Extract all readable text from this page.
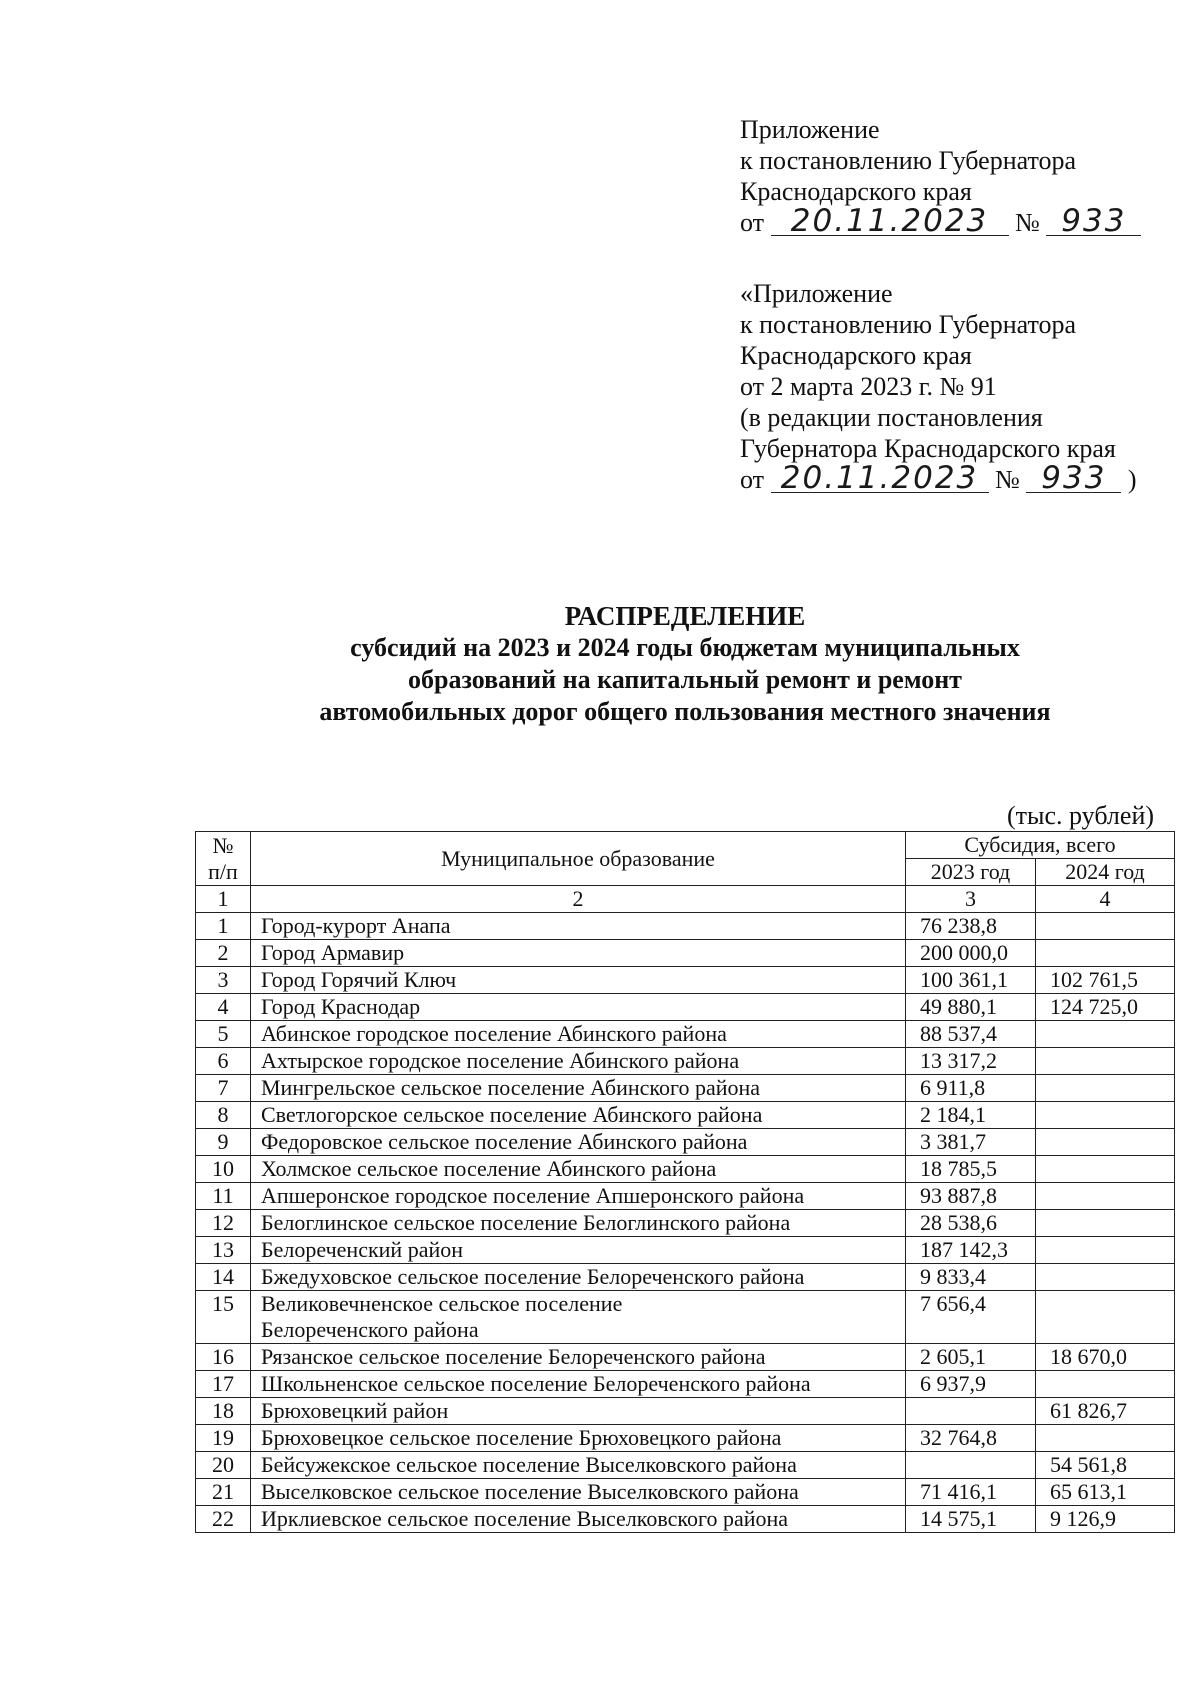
Приложение
к постановлению Губернатора
Краснодарского края
от 20.11.2023 № 933
«Приложение
к постановлению Губернатора
Краснодарского края
от 2 марта 2023 г. № 91
(в редакции постановления
Губернатора Краснодарского края
от 20.11.2023 № 933 )
РАСПРЕДЕЛЕНИЕ
субсидий на 2023 и 2024 годы бюджетам муниципальных
образований на капитальный ремонт и ремонт
автомобильных дорог общего пользования местного значения
(тыс. рублей)
№ п/п	Муниципальное образование	Субсидия, всего	
		2023 год	2024 год
1	2	3	4
1	Город-курорт Анапа	76 238,8	
2	Город Армавир	200 000,0	
3	Город Горячий Ключ	100 361,1	102 761,5
4	Город Краснодар	49 880,1	124 725,0
5	Абинское городское поселение Абинского района	88 537,4	
6	Ахтырское городское поселение Абинского района	13 317,2	
7	Мингрельское сельское поселение Абинского района	6 911,8	
8	Светлогорское сельское поселение Абинского района	2 184,1	
9	Федоровское сельское поселение Абинского района	3 381,7	
10	Холмское сельское поселение Абинского района	18 785,5	
11	Апшеронское городское поселение Апшеронского района	93 887,8	
12	Белоглинское сельское поселение Белоглинского района	28 538,6	
13	Белореченский район	187 142,3	
14	Бжедуховское сельское поселение Белореченского района	9 833,4	
15	Великовечненское сельское поселение
Белореченского района	7 656,4	
16	Рязанское сельское поселение Белореченского района	2 605,1	18 670,0
17	Школьненское сельское поселение Белореченского района	6 937,9	
18	Брюховецкий район		61 826,7
19	Брюховецкое сельское поселение Брюховецкого района	32 764,8	
20	Бейсужекское сельское поселение Выселковского района		54 561,8
21	Выселковское сельское поселение Выселковского района	71 416,1	65 613,1
22	Ирклиевское сельское поселение Выселковского района	14 575,1	9 126,9
